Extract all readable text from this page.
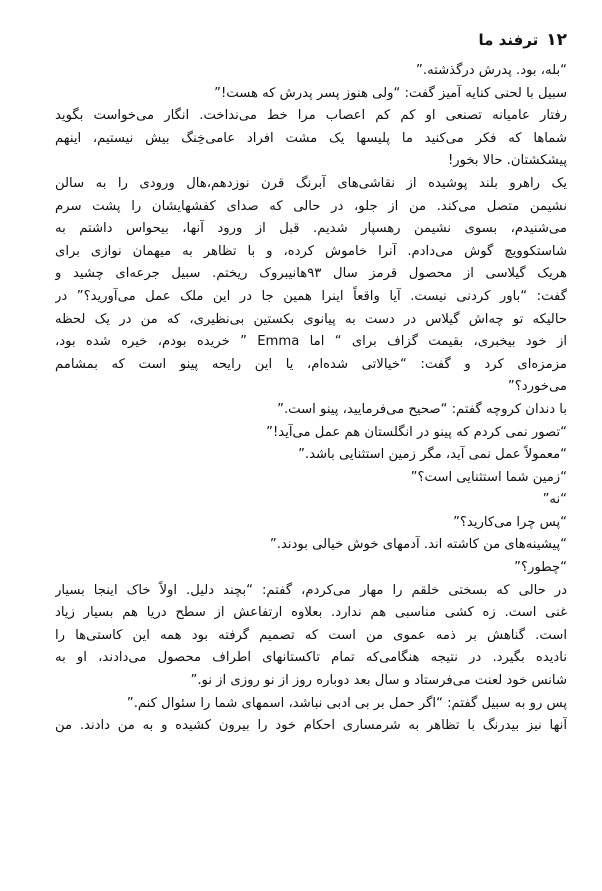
۱۲
ترفند ما
“بله، بود. پدرش درگذشته.”
سبیل با لحنی کنایه آمیز گفت: “ولی هنوز پسر پدرش که هست!”
رفتار عامیانه تصنعی او کم کم اعصاب مرا خط می‌نداخت. انگار می‌خواست بگوید
شماها که فکر می‌کنید ما پلیسها یک مشت افراد عامی‌خِنگ بیش نیستیم، اینهم
پیشکشتان. حالا بخور!
یک راهرو بلند پوشیده از نقاشی‌های آبرنگ قرن نوزدهم،هال ورودی را به سالن
نشیمن متصل می‌کند. من از جلو، در حالی که صدای کفشهایشان را پشت سرم
می‌شنیدم، بسوی نشیمن رهسپار شدیم. قبل از ورود آنها، بیحواس داشتم به
شاستکوویچ گوش می‌دادم. آنرا خاموش کرده، و با تظاهر به میهمان نوازی برای
هریک گیلاسی از محصول قرمز سال ۹۳هانیبروک ریختم. سبیل جرعه‌ای چشید و
گفت: “باور کردنی نیست. آیا واقعاً اینرا همین جا در این ملک عمل می‌آورید؟” در
حالیکه تو چه‌اش گیلاس در دست به پیانوی بکستین بی‌نظیری، که من در یک لحظه
از خود بیخبری، بقیمت گزاف برای “ اما Emma ” خریده بودم، خیره شده بود،
مزمزه‌ای کرد و گفت: “خیالاتی شده‌ام، یا این رایحه پینو است که بمشامم
می‌خورد؟”
با دندان کروچه گفتم: “صحیح می‌فرمایید، پینو است.”
“تصور نمی کردم که پینو در انگلستان هم عمل می‌آید!”
“معمولاً عمل نمی آید، مگر زمین استثنایی باشد.”
“زمین شما استثنایی است؟”
“نه”
“پس چرا می‌کارید؟”
“پیشینه‌های من کاشته اند. آدمهای خوش خیالی بودند.”
“چطور؟”
در حالی که بسختی خلقم را مهار می‌کردم، گفتم: “بچند دلیل. اولاً خاک اینجا بسیار
غنی است. زه کشی مناسبی هم ندارد. بعلاوه ارتفاعش از سطح دریا هم بسیار زیاد
است. گناهش بر ذمه عموی من است که تصمیم گرفته بود همه این کاستی‌ها را
نادیده بگیرد. در نتیجه هنگامی‌که تمام تاکستانهای اطراف محصول می‌دادند، او به
شانس خود لعنت می‌فرستاد و سال بعد دوباره روز از نو روزی از نو.”
پس رو به سبیل گفتم: “اگر حمل بر بی ادبی نباشد، اسمهای شما را سئوال کنم.”
آنها نیز بیدرنگ با تظاهر به شرمساری احکام خود را بیرون کشیده و به من دادند. من
